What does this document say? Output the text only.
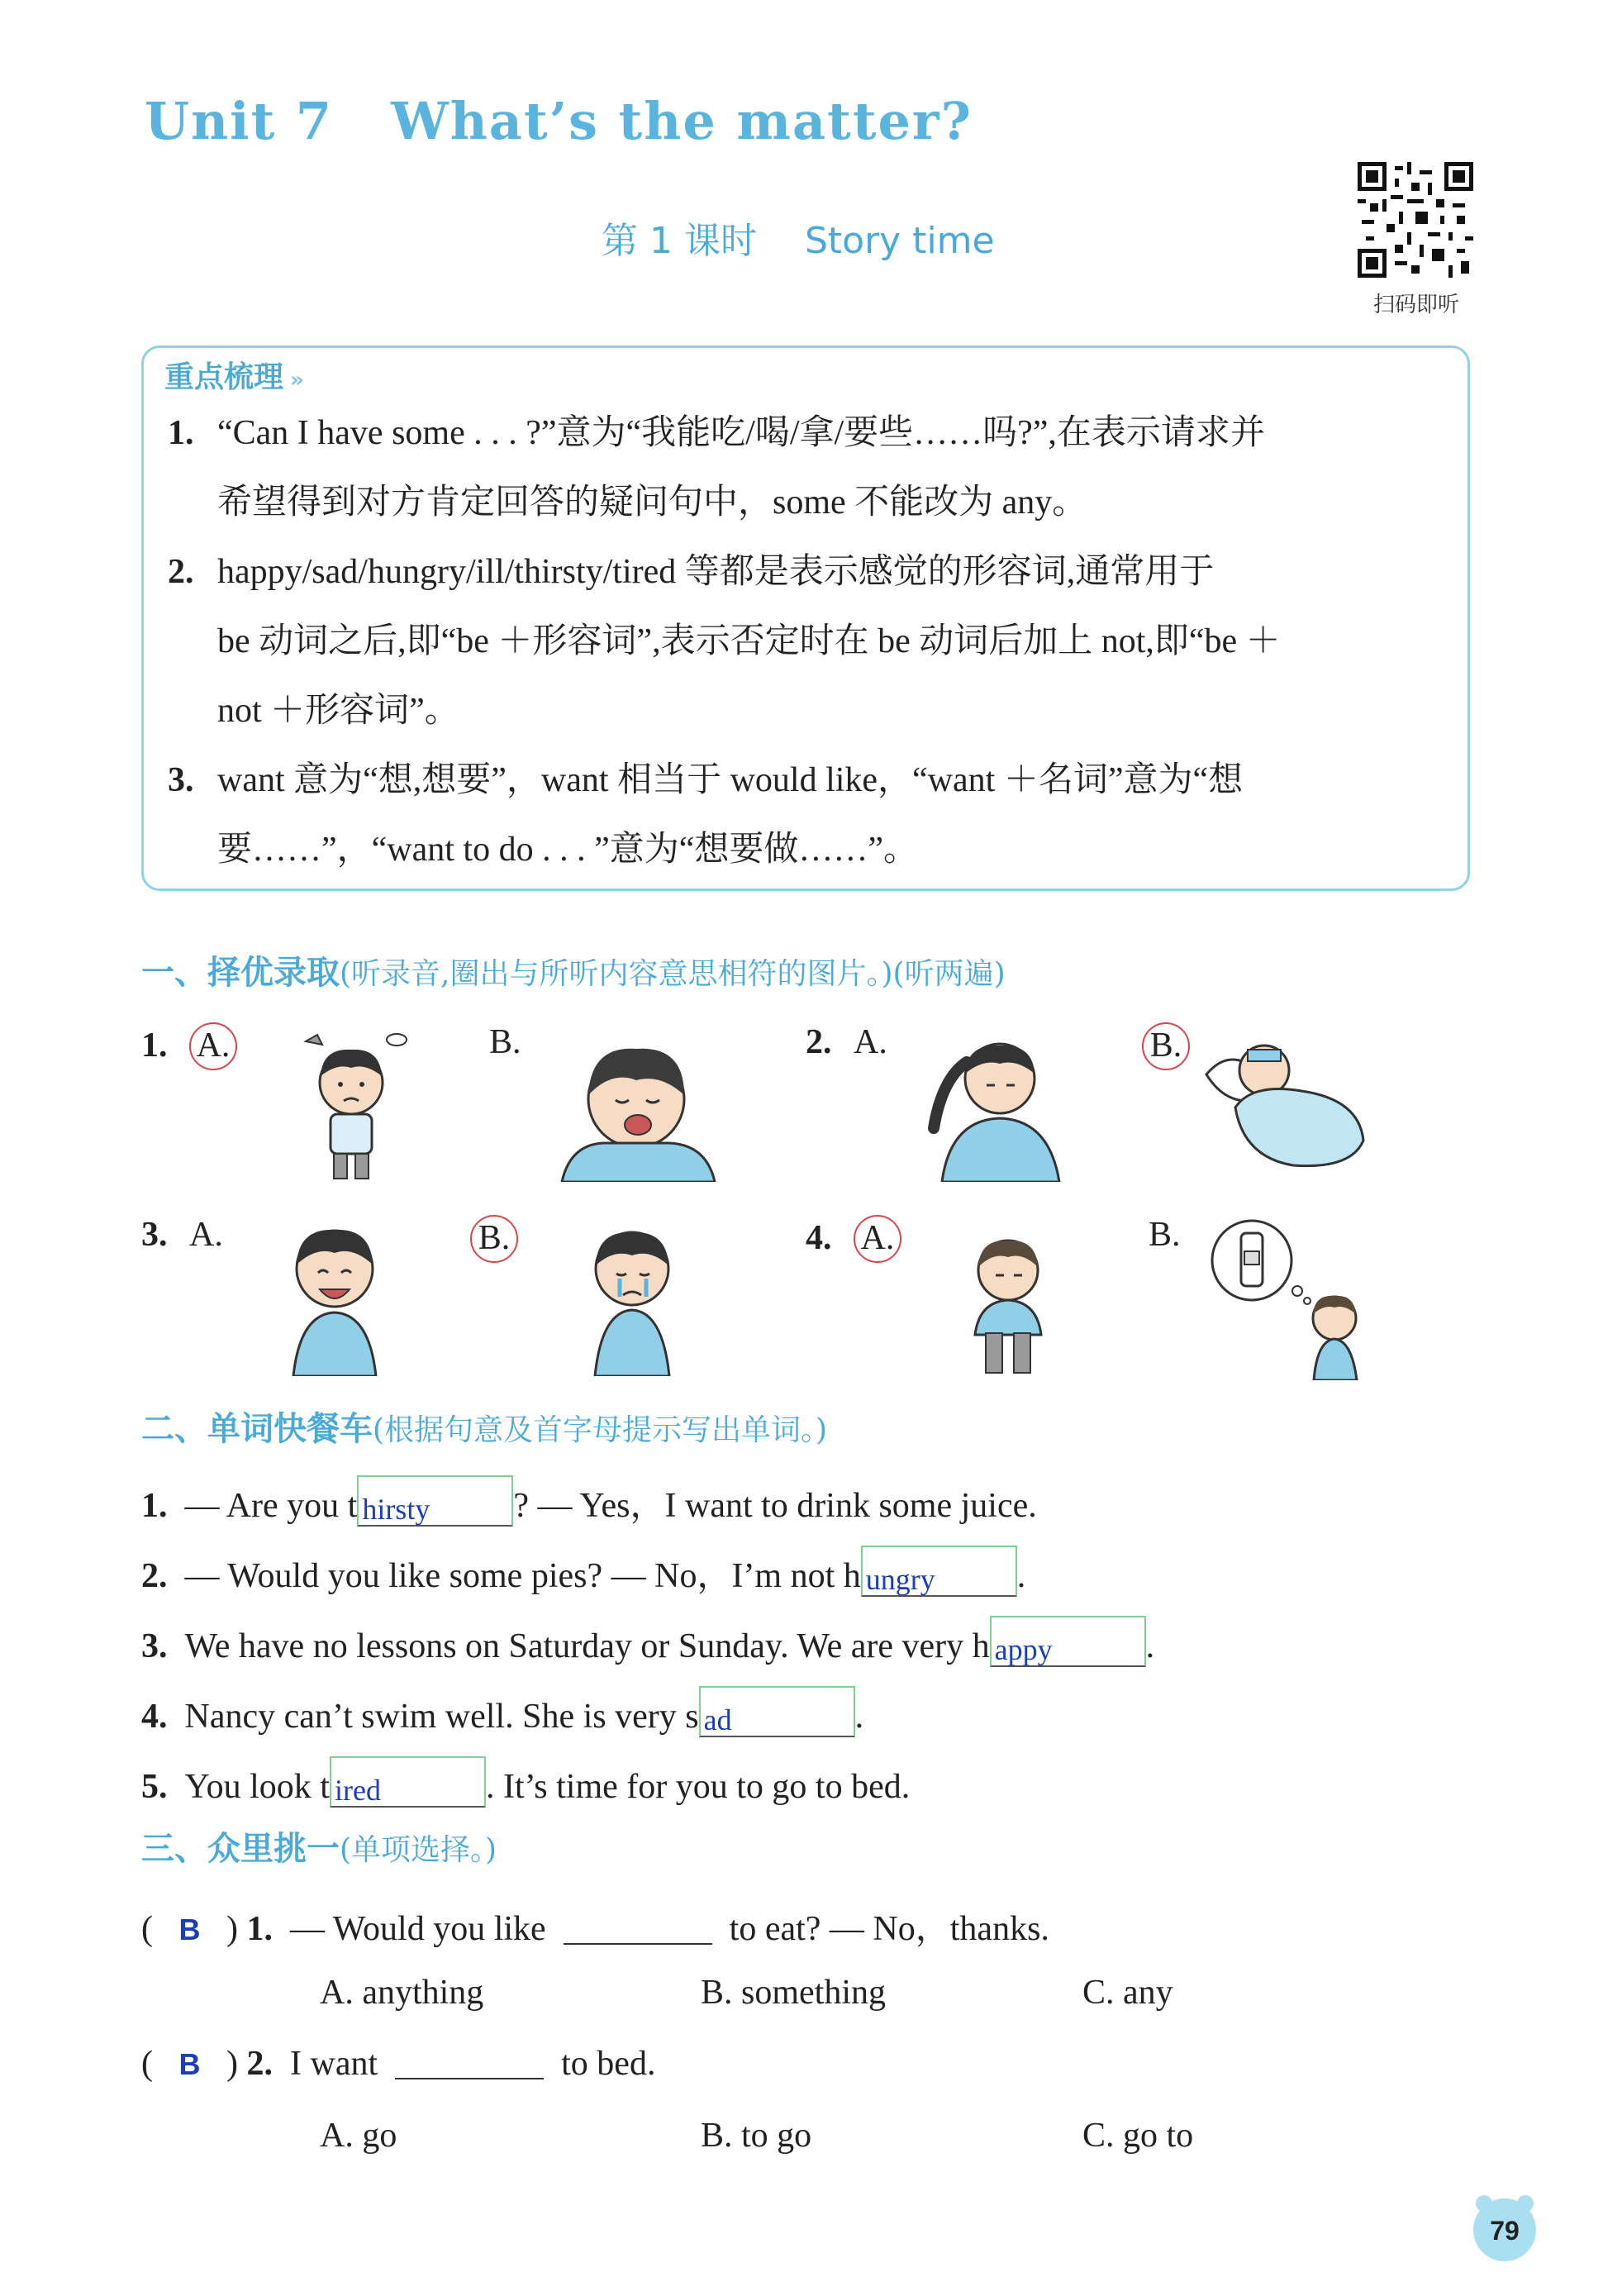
Unit 7 What’s the matter?
第 1 课时 Story time
扫码即听
重点梳理 »
1. “Can I have some . . . ?”意为“我能吃/喝/拿/要些……吗?”,在表示请求并
希望得到对方肯定回答的疑问句中，some 不能改为 any。
2. happy/sad/hungry/ill/thirsty/tired 等都是表示感觉的形容词,通常用于
be 动词之后,即“be ＋形容词”,表示否定时在 be 动词后加上 not,即“be ＋
not ＋形容词”。
3. want 意为“想,想要”，want 相当于 would like，“want ＋名词”意为“想
要……”，“want to do . . . ”意为“想要做……”。
一、择优录取(听录音,圈出与所听内容意思相符的图片。)(听两遍)
1. A.	B.	2. A.	B.
3. A.	B.	4. A.	B.
二、单词快餐车(根据句意及首字母提示写出单词。)
1. — Are you t hirsty ? — Yes，I want to drink some juice.
2. — Would you like some pies? — No，I’m not h ungry .
3. We have no lessons on Saturday or Sunday. We are very h appy	.
4. Nancy can’t swim well. She is very s ad	.
5. You look t ired	. It’s time for you to go to bed.
三、众里挑一(单项选择。)
(   B   ) 1. — Would you like	to eat? — No，thanks.
A. anything	B. something	C. any
(   B   ) 2. I want	to bed.
A. go	B. to go	C. go to
79
